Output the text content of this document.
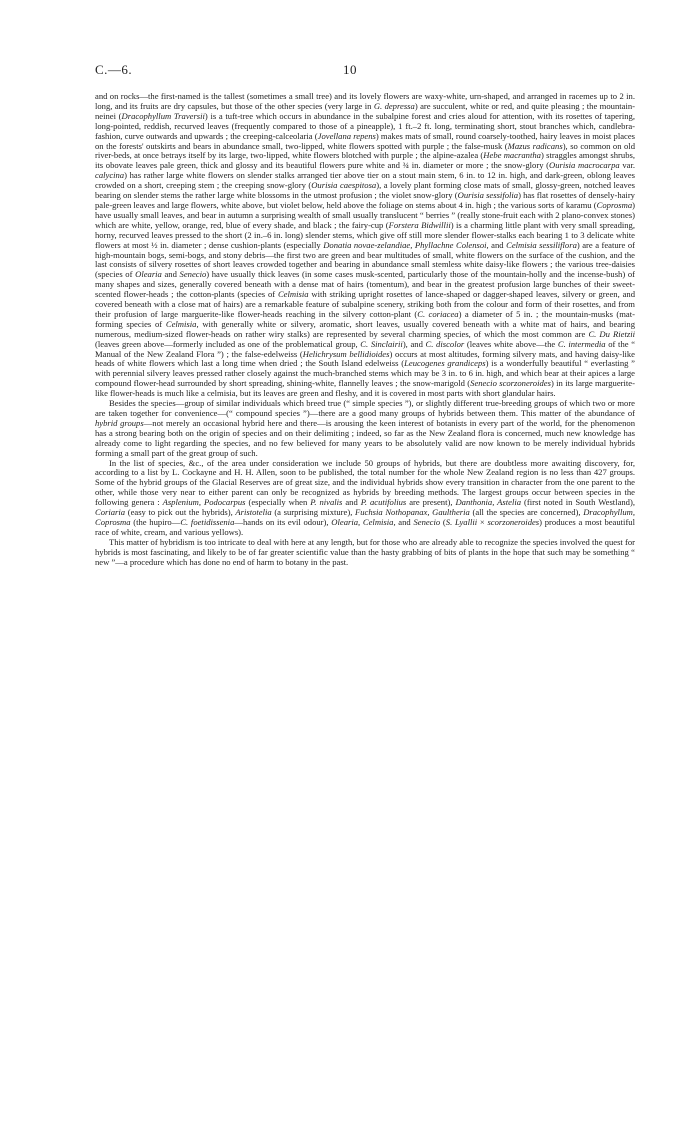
C.—6.	10

and on rocks—the first-named is the tallest (sometimes a small tree) and its lovely flowers are waxy-white, urn-shaped, and arranged in racemes up to 2 in. long, and its fruits are dry capsules, but those of the other species (very large in G. depressa) are succulent, white or red, and quite pleasing ; the mountain-neinei (Dracophyllum Traversii) is a tuft-tree which occurs in abundance in the subalpine forest and cries aloud for attention, with its rosettes of tapering, long-pointed, reddish, recurved leaves (frequently compared to those of a pineapple), 1 ft.–2 ft. long, terminating short, stout branches which, candlebra-fashion, curve outwards and upwards ; the creeping-calceolaria (Jovellana repens) makes mats of small, round coarsely-toothed, hairy leaves in moist places on the forests' outskirts and bears in abundance small, two-lipped, white flowers spotted with purple ; the false-musk (Mazus radicans), so common on old river-beds, at once betrays itself by its large, two-lipped, white flowers blotched with purple ; the alpine-azalea (Hebe macrantha) straggles amongst shrubs, its obovate leaves pale green, thick and glossy and its beautiful flowers pure white and ¾ in. diameter or more ; the snow-glory (Ourisia macrocarpa var. calycina) has rather large white flowers on slender stalks arranged tier above tier on a stout main stem, 6 in. to 12 in. high, and dark-green, oblong leaves crowded on a short, creeping stem ; the creeping snow-glory (Ourisia caespitosa), a lovely plant forming close mats of small, glossy-green, notched leaves bearing on slender stems the rather large white blossoms in the utmost profusion ; the violet snow-glory (Ourisia sessifolia) has flat rosettes of densely-hairy pale-green leaves and large flowers, white above, but violet below, held above the foliage on stems about 4 in. high ; the various sorts of karamu (Coprosma) have usually small leaves, and bear in autumn a surprising wealth of small usually translucent “ berries ” (really stone-fruit each with 2 plano-convex stones) which are white, yellow, orange, red, blue of every shade, and black ; the fairy-cup (Forstera Bidwillii) is a charming little plant with very small spreading, horny, recurved leaves pressed to the short (2 in.–6 in. long) slender stems, which give off still more slender flower-stalks each bearing 1 to 3 delicate white flowers at most ½ in. diameter ; dense cushion-plants (especially Donatia novae-zelandiae, Phyllachne Colensoi, and Celmisia sessiliflora) are a feature of high-mountain bogs, semi-bogs, and stony debris—the first two are green and bear multitudes of small, white flowers on the surface of the cushion, and the last consists of silvery rosettes of short leaves crowded together and bearing in abundance small stemless white daisy-like flowers ; the various tree-daisies (species of Olearia and Senecio) have usually thick leaves (in some cases musk-scented, particularly those of the mountain-holly and the incense-bush) of many shapes and sizes, generally covered beneath with a dense mat of hairs (tomentum), and bear in the greatest profusion large bunches of their sweet-scented flower-heads ; the cotton-plants (species of Celmisia with striking upright rosettes of lance-shaped or dagger-shaped leaves, silvery or green, and covered beneath with a close mat of hairs) are a remarkable feature of subalpine scenery, striking both from the colour and form of their rosettes, and from their profusion of large marguerite-like flower-heads reaching in the silvery cotton-plant (C. coriacea) a diameter of 5 in. ; the mountain-musks (mat-forming species of Celmisia, with generally white or silvery, aromatic, short leaves, usually covered beneath with a white mat of hairs, and bearing numerous, medium-sized flower-heads on rather wiry stalks) are represented by several charming species, of which the most common are C. Du Rietzii (leaves green above—formerly included as one of the problematical group, C. Sinclairii), and C. discolor (leaves white above—the C. intermedia of the “ Manual of the New Zealand Flora ”) ; the false-edelweiss (Helichrysum bellidioides) occurs at most altitudes, forming silvery mats, and having daisy-like heads of white flowers which last a long time when dried ; the South Island edelweiss (Leucogenes grandiceps) is a wonderfully beautiful “ everlasting ” with perennial silvery leaves pressed rather closely against the much-branched stems which may be 3 in. to 6 in. high, and which bear at their apices a large compound flower-head surrounded by short spreading, shining-white, flannelly leaves ; the snow-marigold (Senecio scorzoneroides) in its large marguerite-like flower-heads is much like a celmisia, but its leaves are green and fleshy, and it is covered in most parts with short glandular hairs.

Besides the species—group of similar individuals which breed true (“ simple species ”), or slightly different true-breeding groups of which two or more are taken together for convenience—(“ compound species ”)—there are a good many groups of hybrids between them. This matter of the abundance of hybrid groups—not merely an occasional hybrid here and there—is arousing the keen interest of botanists in every part of the world, for the phenomenon has a strong bearing both on the origin of species and on their delimiting ; indeed, so far as the New Zealand flora is concerned, much new knowledge has already come to light regarding the species, and no few believed for many years to be absolutely valid are now known to be merely individual hybrids forming a small part of the great group of such.

In the list of species, &c., of the area under consideration we include 50 groups of hybrids, but there are doubtless more awaiting discovery, for, according to a list by L. Cockayne and H. H. Allen, soon to be published, the total number for the whole New Zealand region is no less than 427 groups. Some of the hybrid groups of the Glacial Reserves are of great size, and the individual hybrids show every transition in character from the one parent to the other, while those very near to either parent can only be recognized as hybrids by breeding methods. The largest groups occur between species in the following genera : Asplenium, Podocarpus (especially when P. nivalis and P. acutifolius are present), Danthonia, Astelia (first noted in South Westland), Coriaria (easy to pick out the hybrids), Aristotelia (a surprising mixture), Fuchsia Nothopanax, Gaultheria (all the species are concerned), Dracophyllum, Coprosma (the hupiro—C. foetidissenia—hands on its evil odour), Olearia, Celmisia, and Senecio (S. Lyallii × scorzoneroides) produces a most beautiful race of white, cream, and various yellows).

This matter of hybridism is too intricate to deal with here at any length, but for those who are already able to recognize the species involved the quest for hybrids is most fascinating, and likely to be of far greater scientific value than the hasty grabbing of bits of plants in the hope that such may be something “ new ”—a procedure which has done no end of harm to botany in the past.
